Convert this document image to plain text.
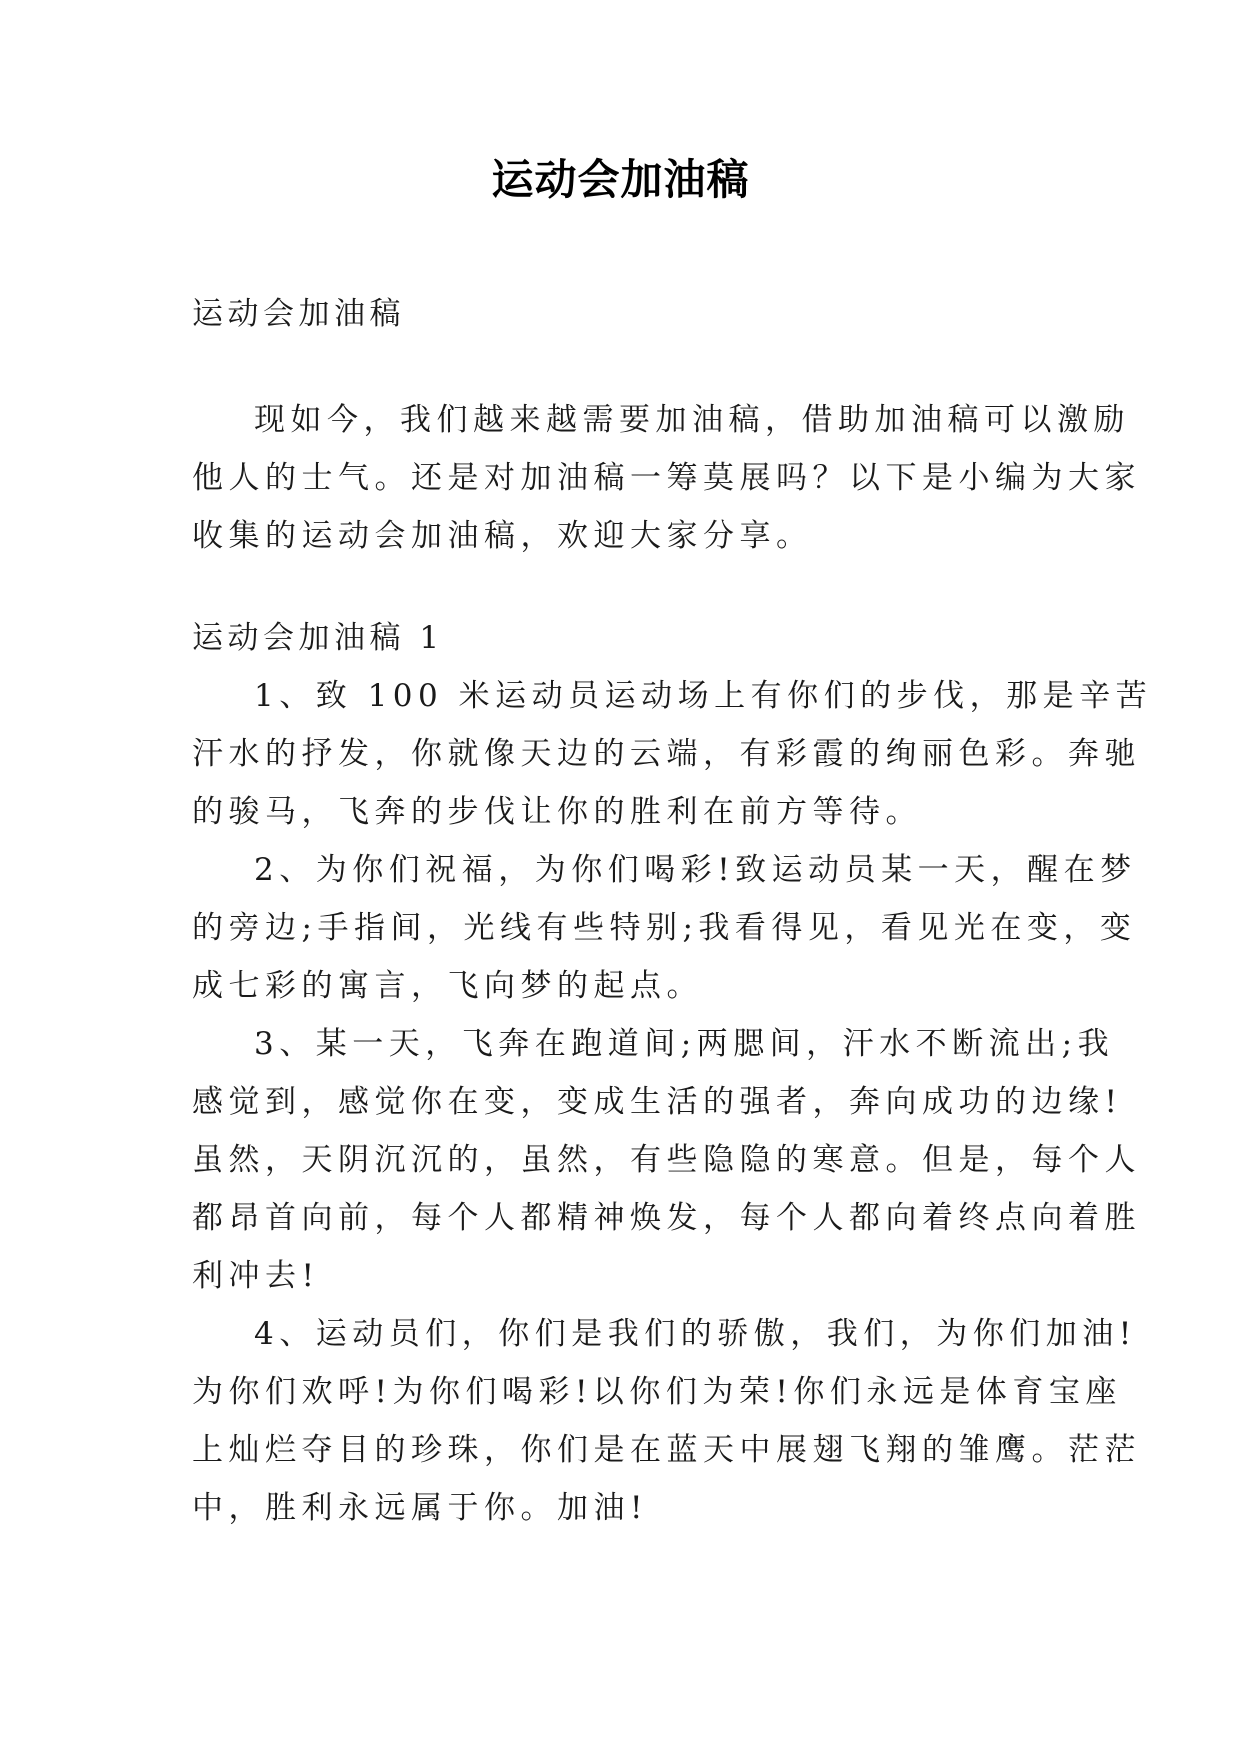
运动会加油稿
运动会加油稿
现如今，我们越来越需要加油稿，借助加油稿可以激励
他人的士气。还是对加油稿一筹莫展吗？以下是小编为大家
收集的运动会加油稿，欢迎大家分享。
运动会加油稿 1
1、致 100 米运动员运动场上有你们的步伐，那是辛苦
汗水的抒发，你就像天边的云端，有彩霞的绚丽色彩。奔驰
的骏马，飞奔的步伐让你的胜利在前方等待。
2、为你们祝福，为你们喝彩!致运动员某一天，醒在梦
的旁边;手指间，光线有些特别;我看得见，看见光在变，变
成七彩的寓言，飞向梦的起点。
3、某一天，飞奔在跑道间;两腮间，汗水不断流出;我
感觉到，感觉你在变，变成生活的强者，奔向成功的边缘!
虽然，天阴沉沉的，虽然，有些隐隐的寒意。但是，每个人
都昂首向前，每个人都精神焕发，每个人都向着终点向着胜
利冲去!
4、运动员们，你们是我们的骄傲，我们，为你们加油!
为你们欢呼!为你们喝彩!以你们为荣!你们永远是体育宝座
上灿烂夺目的珍珠，你们是在蓝天中展翅飞翔的雏鹰。茫茫
中，胜利永远属于你。加油!
